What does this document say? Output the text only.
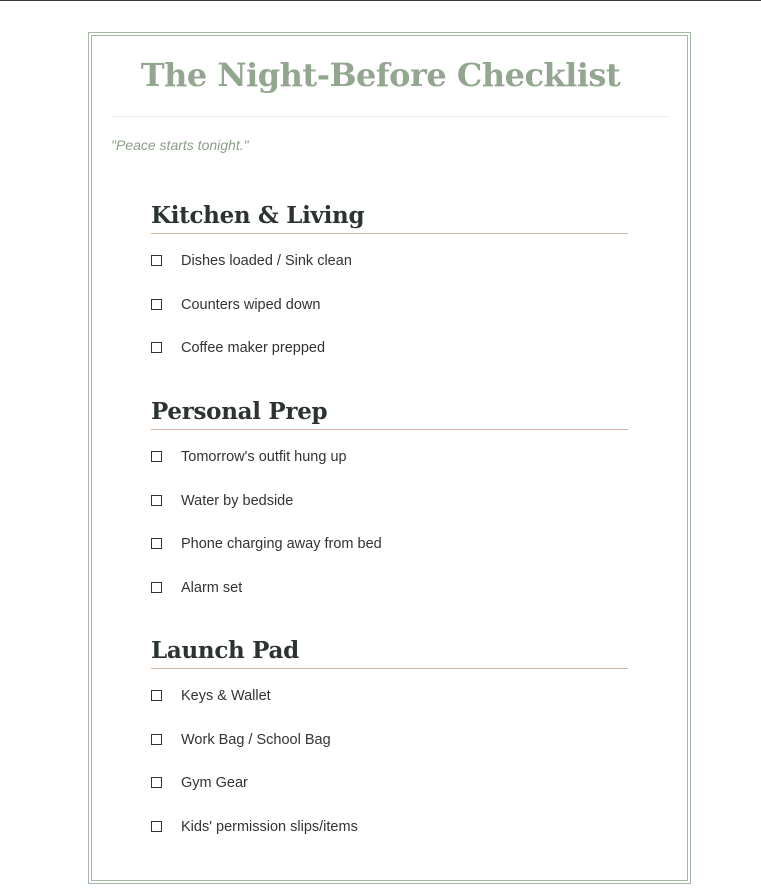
The Night-Before Checklist

"Peace starts tonight."

Kitchen & Living
Dishes loaded / Sink clean
Counters wiped down
Coffee maker prepped
Personal Prep
Tomorrow's outfit hung up
Water by bedside
Phone charging away from bed
Alarm set
Launch Pad
Keys & Wallet
Work Bag / School Bag
Gym Gear
Kids' permission slips/items
